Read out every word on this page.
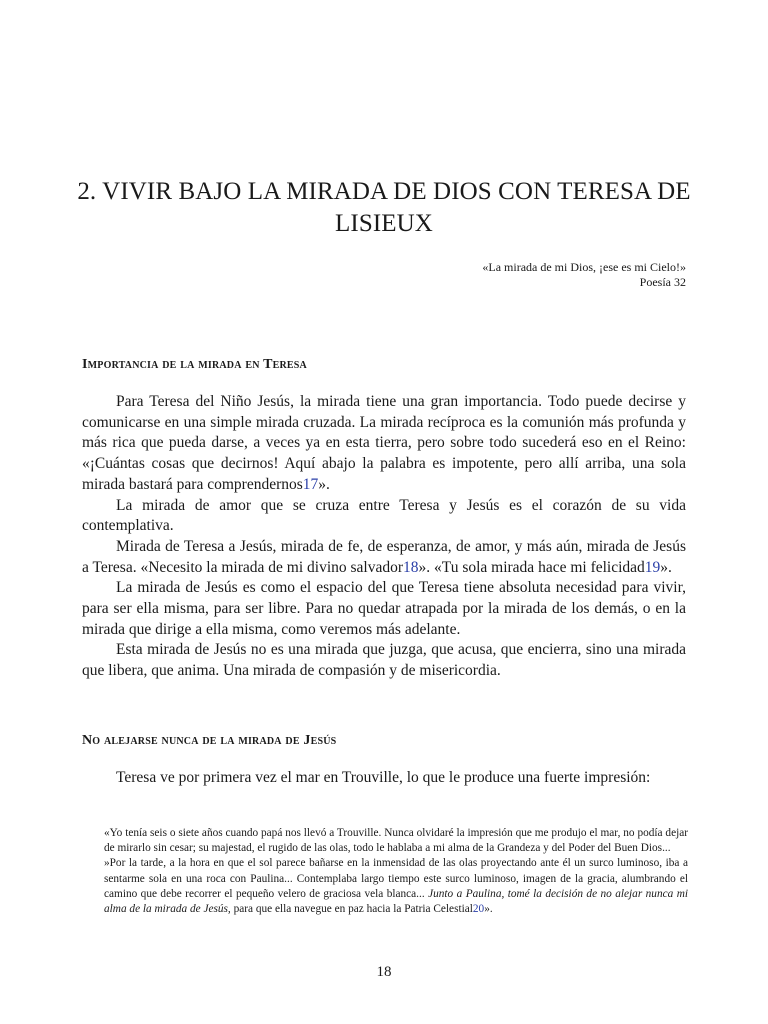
2. VIVIR BAJO LA MIRADA DE DIOS CON TERESA DE
LISIEUX
«La mirada de mi Dios, ¡ese es mi Cielo!»
Poesía 32
Importancia de la mirada en Teresa

Para Teresa del Niño Jesús, la mirada tiene una gran importancia. Todo puede decirse y comunicarse en una simple mirada cruzada. La mirada recíproca es la comunión más profunda y más rica que pueda darse, a veces ya en esta tierra, pero sobre todo sucederá eso en el Reino: «¡Cuántas cosas que decirnos! Aquí abajo la palabra es impotente, pero allí arriba, una sola mirada bastará para comprendernos17».

La mirada de amor que se cruza entre Teresa y Jesús es el corazón de su vida contemplativa.

Mirada de Teresa a Jesús, mirada de fe, de esperanza, de amor, y más aún, mirada de Jesús a Teresa. «Necesito la mirada de mi divino salvador18». «Tu sola mirada hace mi felicidad19».

La mirada de Jesús es como el espacio del que Teresa tiene absoluta necesidad para vivir, para ser ella misma, para ser libre. Para no quedar atrapada por la mirada de los demás, o en la mirada que dirige a ella misma, como veremos más adelante.

Esta mirada de Jesús no es una mirada que juzga, que acusa, que encierra, sino una mirada que libera, que anima. Una mirada de compasión y de misericordia.

No alejarse nunca de la mirada de Jesús

Teresa ve por primera vez el mar en Trouville, lo que le produce una fuerte impresión:

«Yo tenía seis o siete años cuando papá nos llevó a Trouville. Nunca olvidaré la impresión que me produjo el mar, no podía dejar de mirarlo sin cesar; su majestad, el rugido de las olas, todo le hablaba a mi alma de la Grandeza y del Poder del Buen Dios...

»Por la tarde, a la hora en que el sol parece bañarse en la inmensidad de las olas proyectando ante él un surco luminoso, iba a sentarme sola en una roca con Paulina... Contemplaba largo tiempo este surco luminoso, imagen de la gracia, alumbrando el camino que debe recorrer el pequeño velero de graciosa vela blanca... Junto a Paulina, tomé la decisión de no alejar nunca mi alma de la mirada de Jesús, para que ella navegue en paz hacia la Patria Celestial20».

18
